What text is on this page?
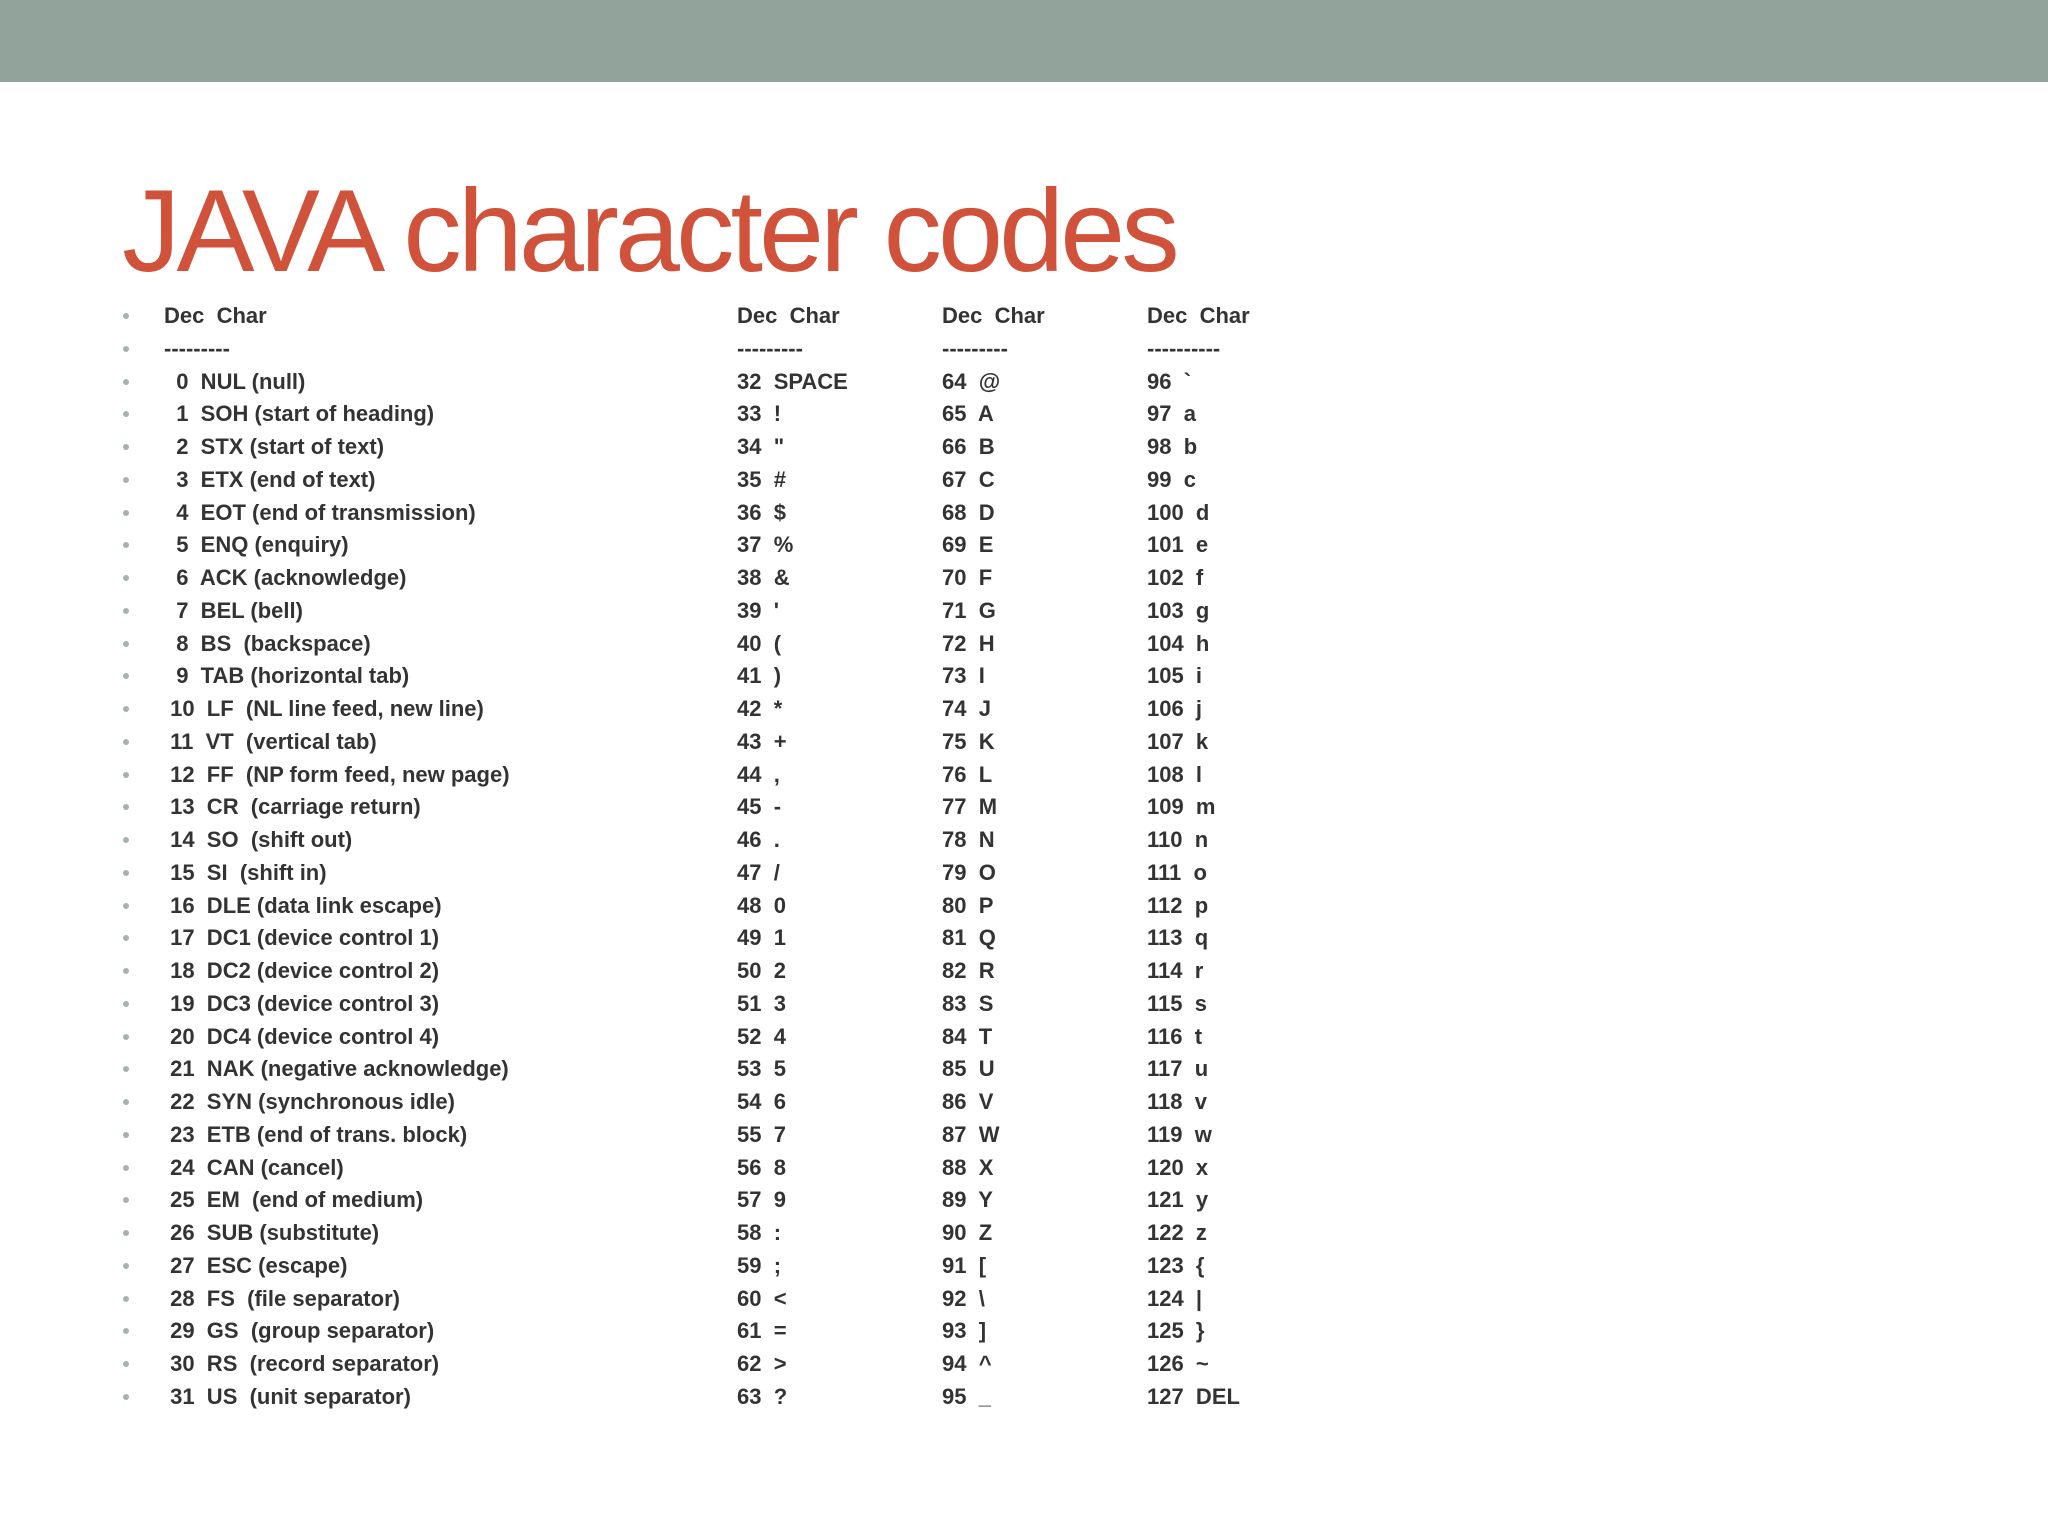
JAVA character codes
Dec  Char	Dec  Char	Dec  Char	Dec  Char
---------	---------	---------	----------
0  NUL (null)	32  SPACE	64  @	96  `
1  SOH (start of heading)	33  !	65  A	97  a
2  STX (start of text)	34  "	66  B	98  b
3  ETX (end of text)	35  #	67  C	99  c
4  EOT (end of transmission)	36  $	68  D	100  d
5  ENQ (enquiry)	37  %	69  E	101  e
6  ACK (acknowledge)	38  &	70  F	102  f
7  BEL (bell)	39  '	71  G	103  g
8  BS  (backspace)	40  (	72  H	104  h
9  TAB (horizontal tab)	41  )	73  I	105  i
10  LF  (NL line feed, new line)	42  *	74  J	106  j
11  VT  (vertical tab)	43  +	75  K	107  k
12  FF  (NP form feed, new page)	44  ,	76  L	108  l
13  CR  (carriage return)	45  -	77  M	109  m
14  SO  (shift out)	46  .	78  N	110  n
15  SI  (shift in)	47  /	79  O	111  o
16  DLE (data link escape)	48  0	80  P	112  p
17  DC1 (device control 1)	49  1	81  Q	113  q
18  DC2 (device control 2)	50  2	82  R	114  r
19  DC3 (device control 3)	51  3	83  S	115  s
20  DC4 (device control 4)	52  4	84  T	116  t
21  NAK (negative acknowledge)	53  5	85  U	117  u
22  SYN (synchronous idle)	54  6	86  V	118  v
23  ETB (end of trans. block)	55  7	87  W	119  w
24  CAN (cancel)	56  8	88  X	120  x
25  EM  (end of medium)	57  9	89  Y	121  y
26  SUB (substitute)	58  :	90  Z	122  z
27  ESC (escape)	59  ;	91  [	123  {
28  FS  (file separator)	60  <	92  \	124  |
29  GS  (group separator)	61  =	93  ]	125  }
30  RS  (record separator)	62  >	94  ^	126  ~
31  US  (unit separator)	63  ?	95  _	127  DEL
